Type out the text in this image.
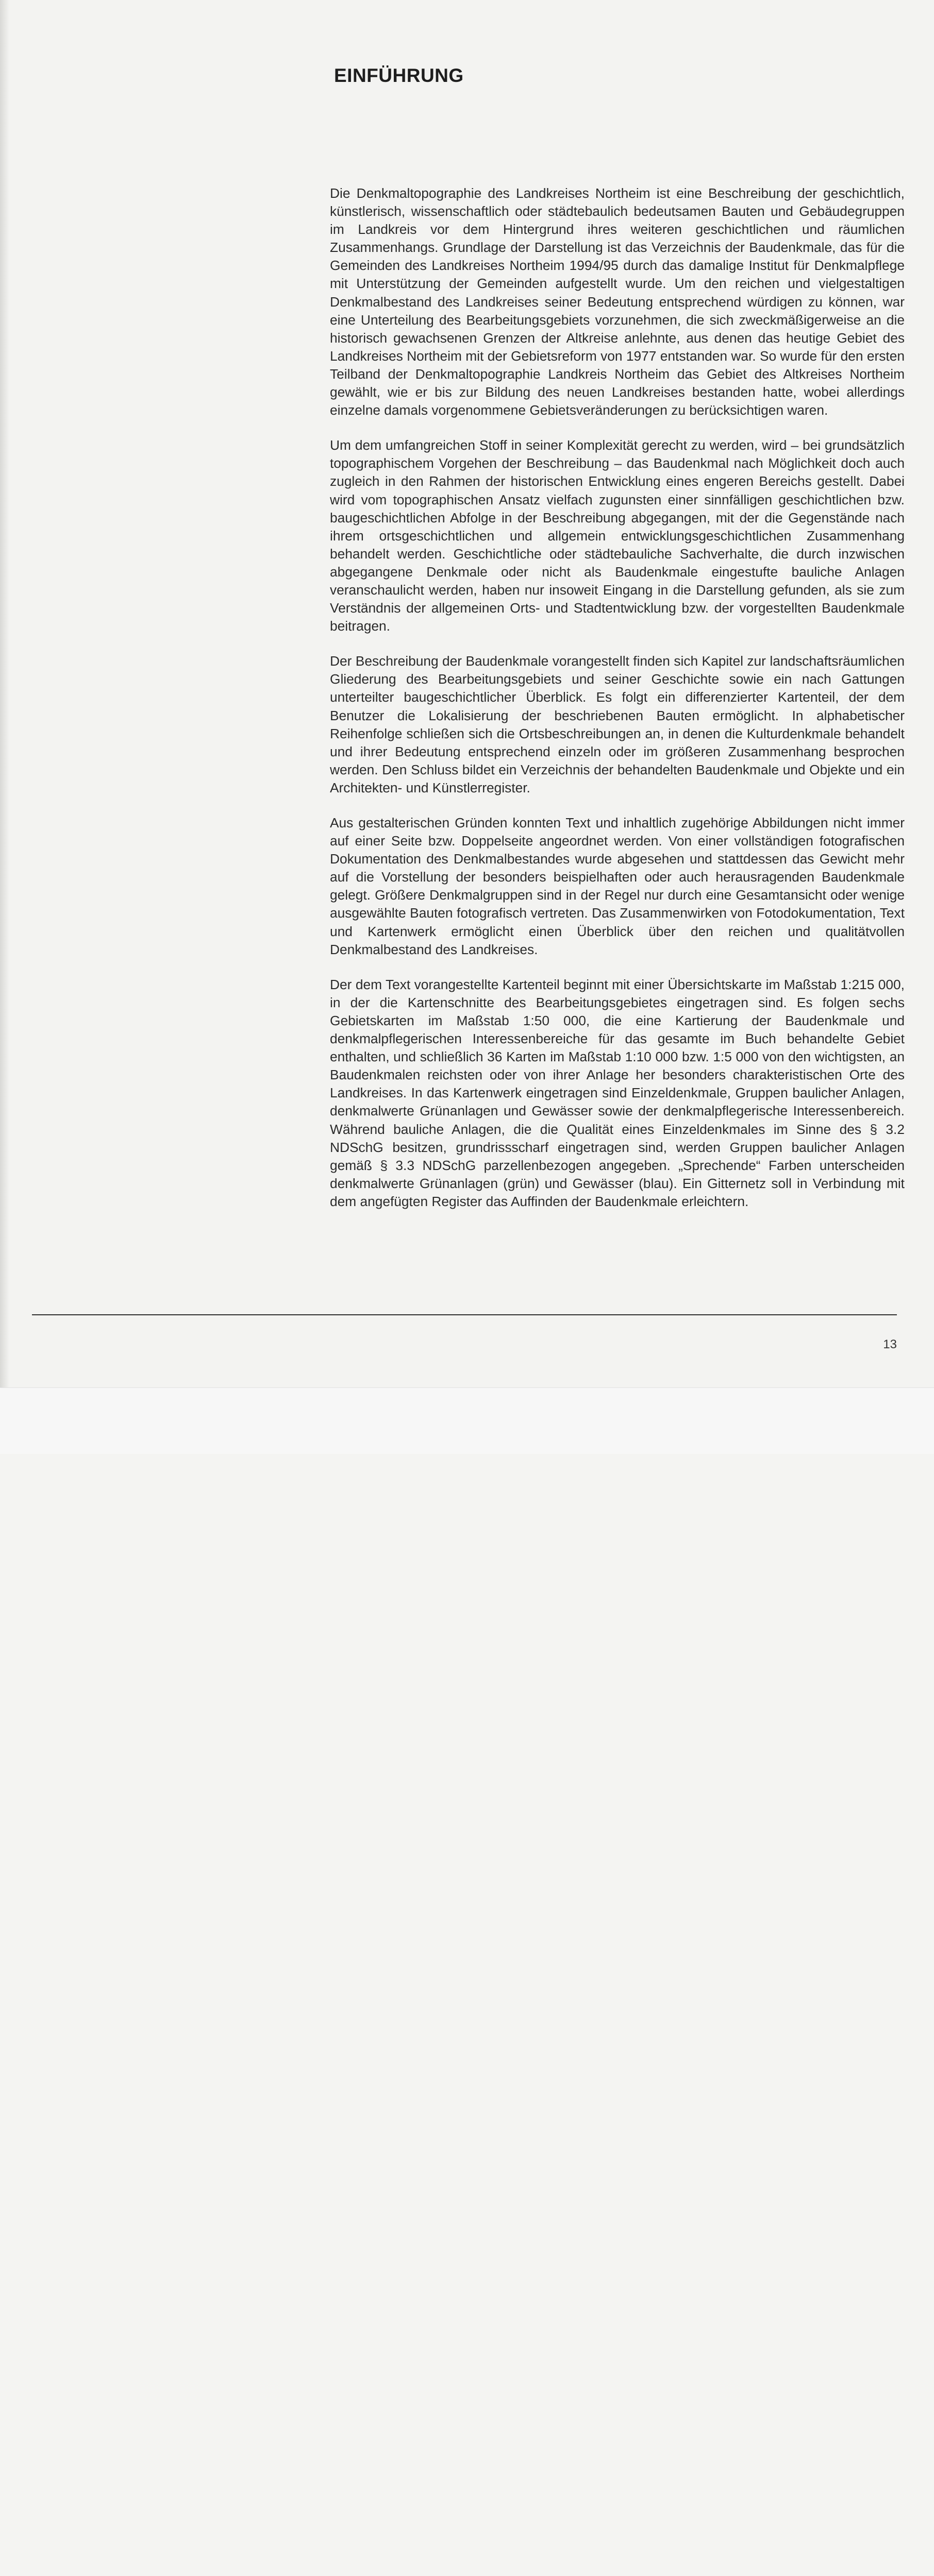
EINFÜHRUNG

Die Denkmaltopographie des Landkreises Northeim ist eine Beschreibung der geschichtlich, künstlerisch, wissenschaftlich oder städtebaulich bedeutsamen Bauten und Gebäudegruppen im Landkreis vor dem Hintergrund ihres weiteren geschichtlichen und räumlichen Zusammenhangs. Grundlage der Darstellung ist das Verzeichnis der Baudenkmale, das für die Gemeinden des Landkreises Northeim 1994/95 durch das damalige Institut für Denkmalpflege mit Unterstützung der Gemeinden aufgestellt wurde. Um den reichen und vielgestaltigen Denkmalbestand des Landkreises seiner Bedeutung entsprechend würdigen zu können, war eine Unterteilung des Bearbeitungsgebiets vorzunehmen, die sich zweckmäßigerweise an die historisch gewachsenen Grenzen der Altkreise anlehnte, aus denen das heutige Gebiet des Landkreises Northeim mit der Gebietsreform von 1977 entstanden war. So wurde für den ersten Teilband der Denkmaltopographie Landkreis Northeim das Gebiet des Altkreises Northeim gewählt, wie er bis zur Bildung des neuen Landkreises bestanden hatte, wobei allerdings einzelne damals vorgenommene Gebietsveränderungen zu berücksichtigen waren.

Um dem umfangreichen Stoff in seiner Komplexität gerecht zu werden, wird – bei grundsätzlich topographischem Vorgehen der Beschreibung – das Baudenkmal nach Möglichkeit doch auch zugleich in den Rahmen der historischen Entwicklung eines engeren Bereichs gestellt. Dabei wird vom topographischen Ansatz vielfach zugunsten einer sinnfälligen geschichtlichen bzw. baugeschichtlichen Abfolge in der Beschreibung abgegangen, mit der die Gegenstände nach ihrem ortsgeschichtlichen und allgemein entwicklungsgeschichtlichen Zusammenhang behandelt werden. Geschichtliche oder städtebauliche Sachverhalte, die durch inzwischen abgegangene Denkmale oder nicht als Baudenkmale eingestufte bauliche Anlagen veranschaulicht werden, haben nur insoweit Eingang in die Darstellung gefunden, als sie zum Verständnis der allgemeinen Orts- und Stadtentwicklung bzw. der vorgestellten Baudenkmale beitragen.

Der Beschreibung der Baudenkmale vorangestellt finden sich Kapitel zur landschaftsräumlichen Gliederung des Bearbeitungsgebiets und seiner Geschichte sowie ein nach Gattungen unterteilter baugeschichtlicher Überblick. Es folgt ein differenzierter Kartenteil, der dem Benutzer die Lokalisierung der beschriebenen Bauten ermöglicht. In alphabetischer Reihenfolge schließen sich die Ortsbeschreibungen an, in denen die Kulturdenkmale behandelt und ihrer Bedeutung entsprechend einzeln oder im größeren Zusammenhang besprochen werden. Den Schluss bildet ein Verzeichnis der behandelten Baudenkmale und Objekte und ein Architekten- und Künstlerregister.

Aus gestalterischen Gründen konnten Text und inhaltlich zugehörige Abbildungen nicht immer auf einer Seite bzw. Doppelseite angeordnet werden. Von einer vollständigen fotografischen Dokumentation des Denkmalbestandes wurde abgesehen und stattdessen das Gewicht mehr auf die Vorstellung der besonders beispielhaften oder auch herausragenden Baudenkmale gelegt. Größere Denkmalgruppen sind in der Regel nur durch eine Gesamtansicht oder wenige ausgewählte Bauten fotografisch vertreten. Das Zusammenwirken von Fotodokumentation, Text und Kartenwerk ermöglicht einen Überblick über den reichen und qualitätvollen Denkmalbestand des Landkreises.

Der dem Text vorangestellte Kartenteil beginnt mit einer Übersichtskarte im Maßstab 1:215 000, in der die Kartenschnitte des Bearbeitungsgebietes eingetragen sind. Es folgen sechs Gebietskarten im Maßstab 1:50 000, die eine Kartierung der Baudenkmale und denkmalpflegerischen Interessenbereiche für das gesamte im Buch behandelte Gebiet enthalten, und schließlich 36 Karten im Maßstab 1:10 000 bzw. 1:5 000 von den wichtigsten, an Baudenkmalen reichsten oder von ihrer Anlage her besonders charakteristischen Orte des Landkreises. In das Kartenwerk eingetragen sind Einzeldenkmale, Gruppen baulicher Anlagen, denkmalwerte Grünanlagen und Gewässer sowie der denkmalpflegerische Interessenbereich. Während bauliche Anlagen, die die Qualität eines Einzeldenkmales im Sinne des § 3.2 NDSchG besitzen, grundrissscharf eingetragen sind, werden Gruppen baulicher Anlagen gemäß § 3.3 NDSchG parzellenbezogen angegeben. „Sprechende“ Farben unterscheiden denkmalwerte Grünanlagen (grün) und Gewässer (blau). Ein Gitternetz soll in Verbindung mit dem angefügten Register das Auffinden der Baudenkmale erleichtern.

13
